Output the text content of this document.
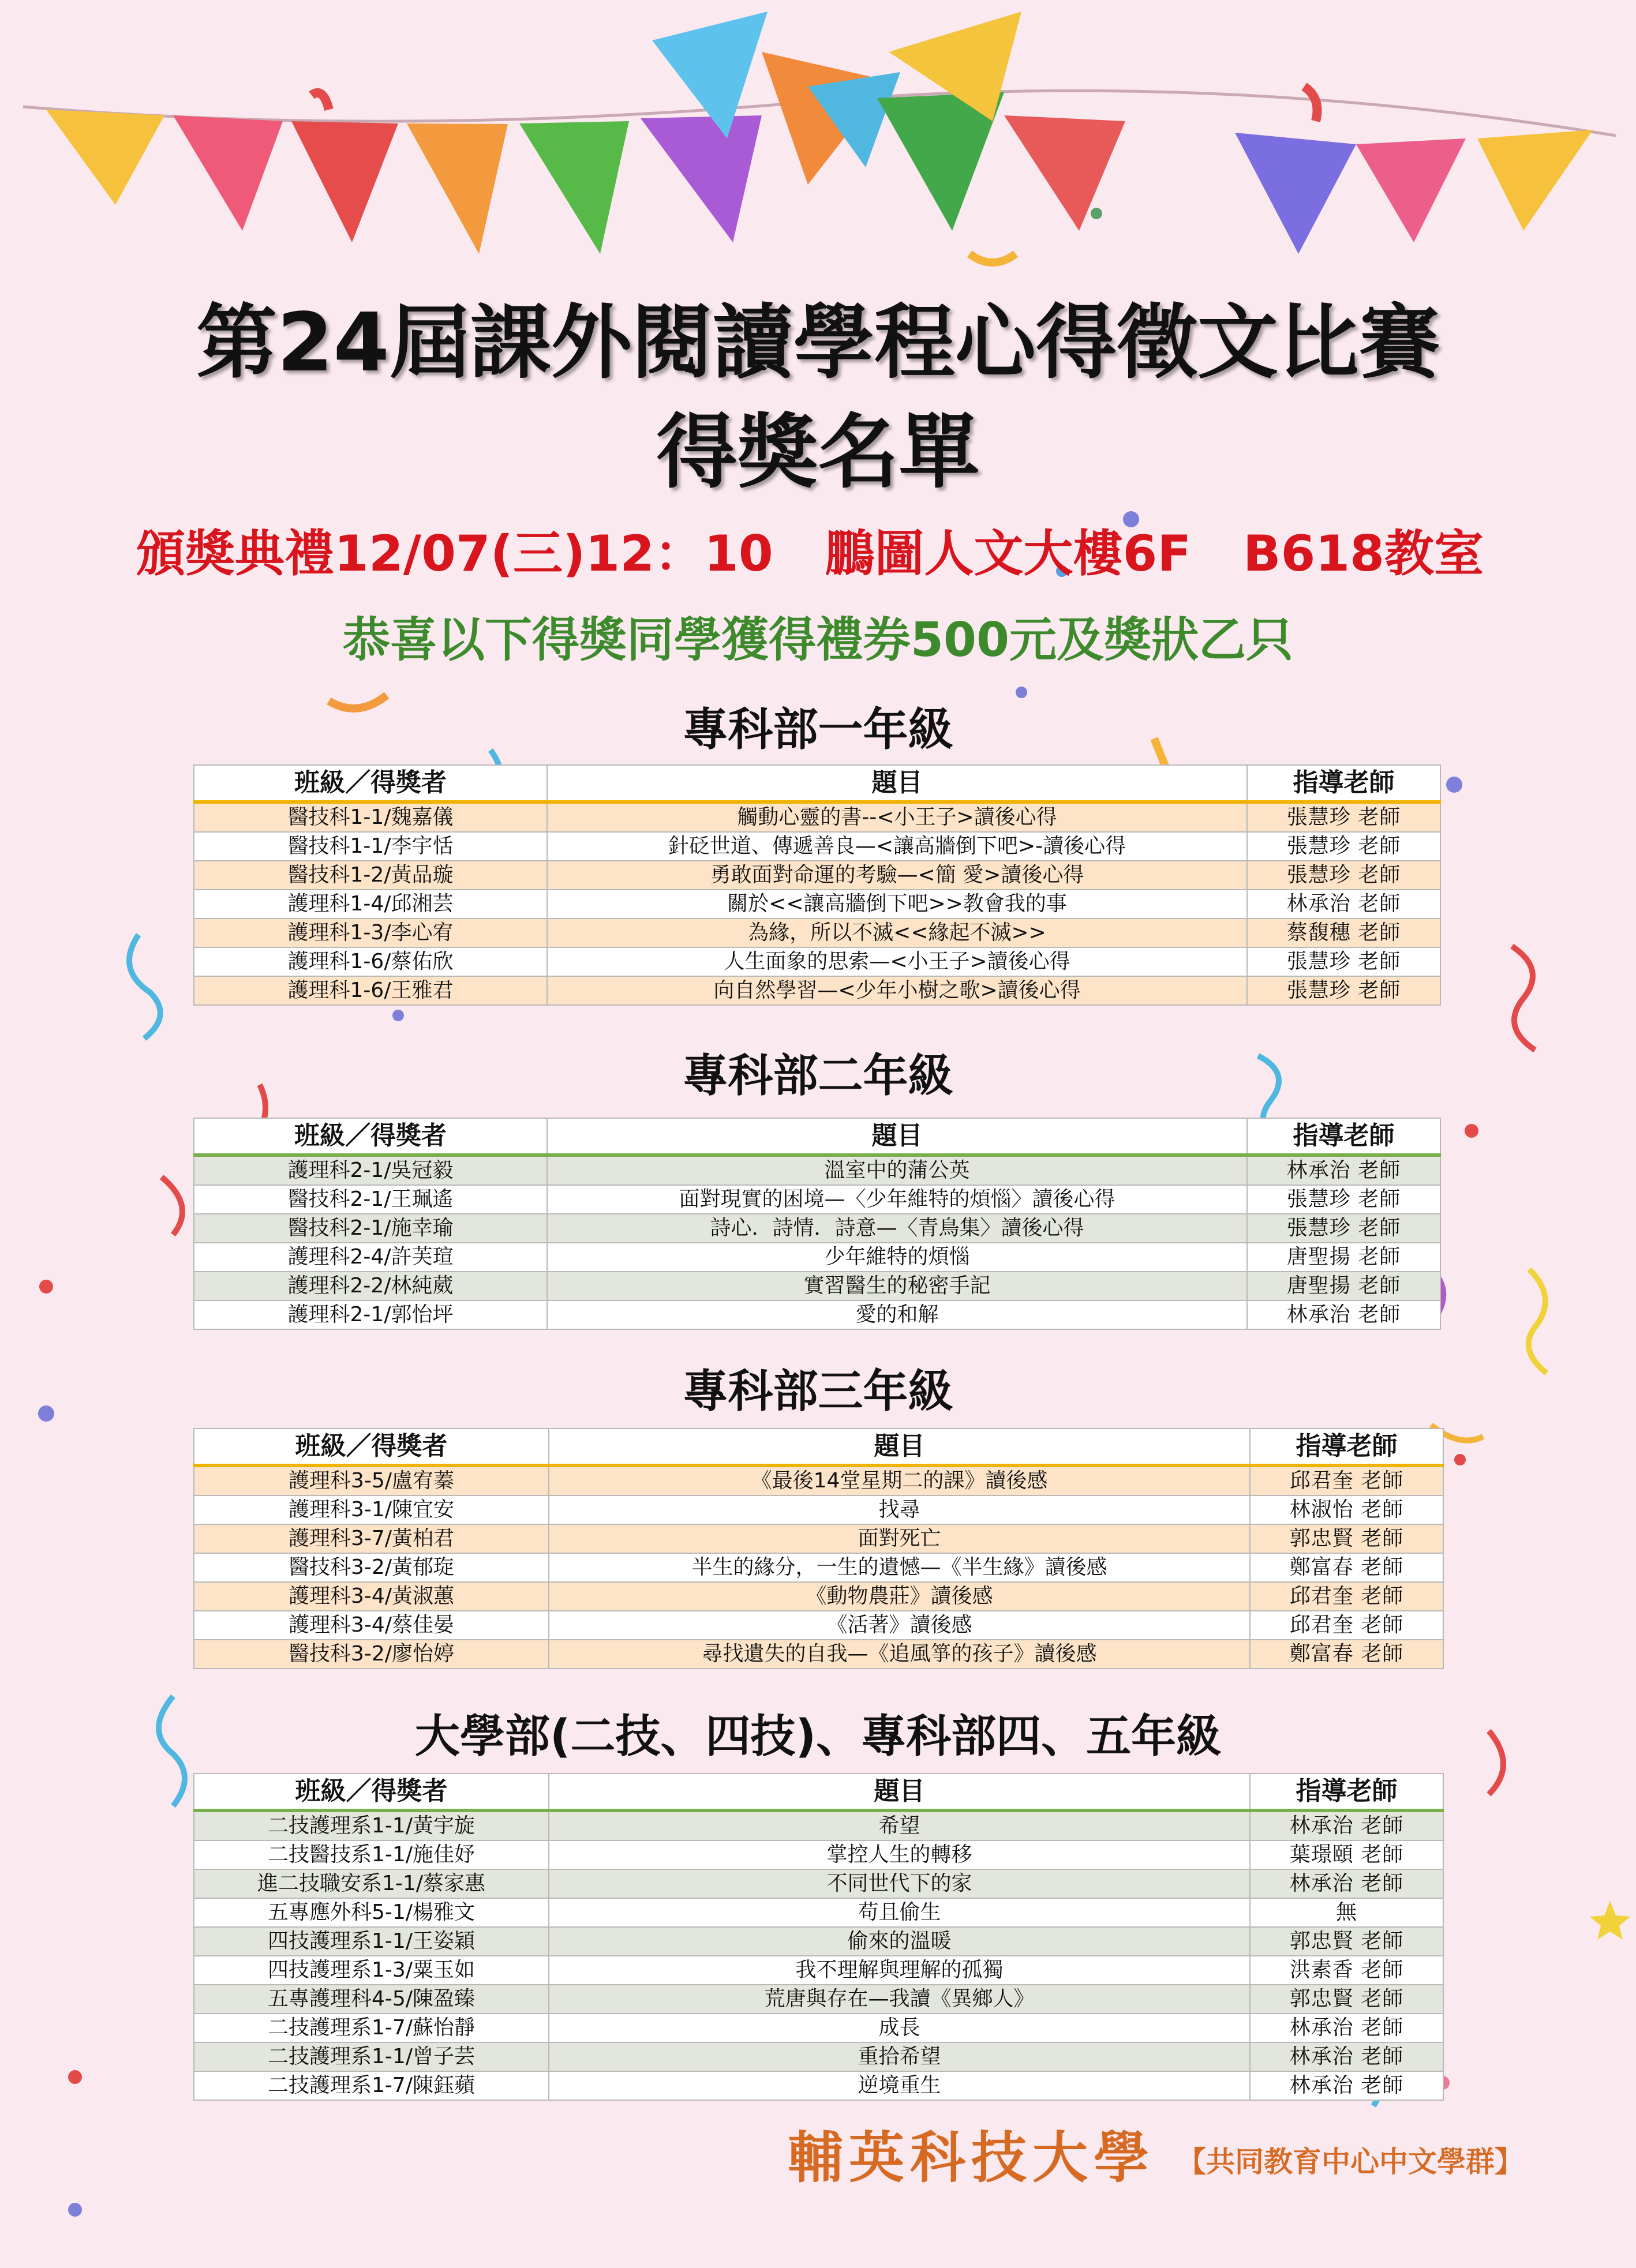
第24屆課外閱讀學程心得徵文比賽
得獎名單
頒獎典禮12/07(三)12：10   鵬圖人文大樓6F   B618教室
恭喜以下得獎同學獲得禮券500元及獎狀乙只
專科部一年級
班級／得獎者	題目	指導老師
醫技科1-1/魏嘉儀	觸動心靈的書--<小王子>讀後心得	張慧珍 老師
醫技科1-1/李宇恬	針砭世道、傳遞善良—<讓高牆倒下吧>-讀後心得	張慧珍 老師
醫技科1-2/黃品璇	勇敢面對命運的考驗—<簡 愛>讀後心得	張慧珍 老師
護理科1-4/邱湘芸	關於<<讓高牆倒下吧>>教會我的事	林承治 老師
護理科1-3/李心宥	為緣，所以不滅<<緣起不滅>>	蔡馥穗 老師
護理科1-6/蔡佑欣	人生面象的思索—<小王子>讀後心得	張慧珍 老師
護理科1-6/王雅君	向自然學習—<少年小樹之歌>讀後心得	張慧珍 老師
專科部二年級
班級／得獎者	題目	指導老師
護理科2-1/吳冠毅	溫室中的蒲公英	林承治 老師
醫技科2-1/王珮遙	面對現實的困境—〈少年維特的煩惱〉讀後心得	張慧珍 老師
醫技科2-1/施幸瑜	詩心．詩情．詩意—〈青鳥集〉讀後心得	張慧珍 老師
護理科2-4/許芙瑄	少年維特的煩惱	唐聖揚 老師
護理科2-2/林純葳	實習醫生的秘密手記	唐聖揚 老師
護理科2-1/郭怡坪	愛的和解	林承治 老師
專科部三年級
班級／得獎者	題目	指導老師
護理科3-5/盧宥蓁	《最後14堂星期二的課》讀後感	邱君奎 老師
護理科3-1/陳宜安	找尋	林淑怡 老師
護理科3-7/黃柏君	面對死亡	郭忠賢 老師
醫技科3-2/黃郁琁	半生的緣分，一生的遺憾—《半生緣》讀後感	鄭富春 老師
護理科3-4/黃淑蕙	《動物農莊》讀後感	邱君奎 老師
護理科3-4/蔡佳晏	《活著》讀後感	邱君奎 老師
醫技科3-2/廖怡婷	尋找遺失的自我—《追風箏的孩子》讀後感	鄭富春 老師
大學部(二技、四技)、專科部四、五年級
班級／得獎者	題目	指導老師
二技護理系1-1/黃宇旋	希望	林承治 老師
二技醫技系1-1/施佳妤	掌控人生的轉移	葉璟頤 老師
進二技職安系1-1/蔡家惠	不同世代下的家	林承治 老師
五專應外科5-1/楊雅文	苟且偷生	無
四技護理系1-1/王姿穎	偷來的溫暖	郭忠賢 老師
四技護理系1-3/粟玉如	我不理解與理解的孤獨	洪素香 老師
五專護理科4-5/陳盈臻	荒唐與存在—我讀《異鄉人》	郭忠賢 老師
二技護理系1-7/蘇怡靜	成長	林承治 老師
二技護理系1-1/曾子芸	重拾希望	林承治 老師
二技護理系1-7/陳鈺蘋	逆境重生	林承治 老師
輔英科技大學 【共同教育中心中文學群】
